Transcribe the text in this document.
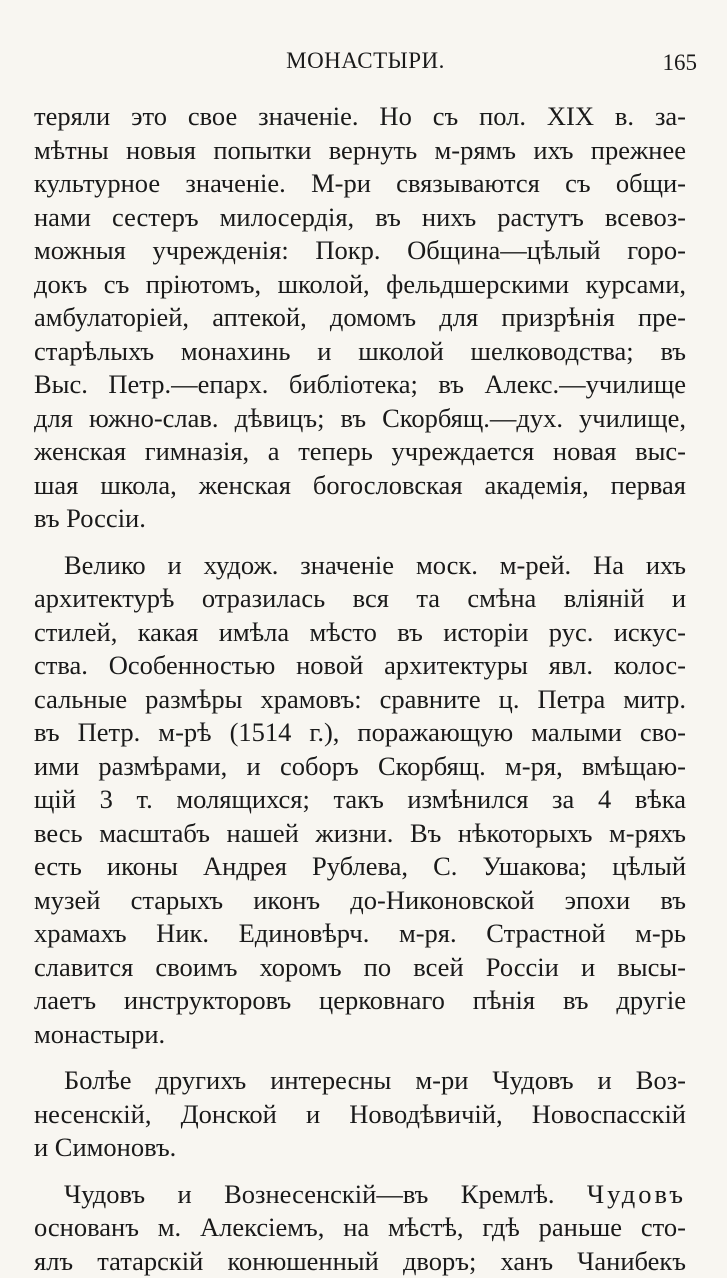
МОНАСТЫРИ.	165

теряли это свое значенiе. Но съ пол. XIX в. за-
мѣтны новыя попытки вернуть м-рямъ ихъ прежнее
культурное значенiе. М-ри связываются съ общи-
нами сестеръ милосердiя, въ нихъ растутъ всевоз-
можныя учрежденiя: Покр. Община—цѣлый горо-
докъ съ прiютомъ, школой, фельдшерскими курсами,
амбулаторiей, аптекой, домомъ для призрѣнiя пре-
старѣлыхъ монахинь и школой шелководства; въ
Выс. Петр.—епарх. библiотека; въ Алекс.—училище
для южно-слав. дѣвицъ; въ Скорбящ.—дух. училище,
женская гимназiя, а теперь учреждается новая выс-
шая школа, женская богословская академiя, первая
въ Россiи.

Велико и худож. значенiе моск. м-рей. На ихъ
архитектурѣ отразилась вся та смѣна влiянiй и
стилей, какая имѣла мѣсто въ исторiи рус. искус-
ства. Особенностью новой архитектуры явл. колос-
сальные размѣры храмовъ: сравните ц. Петра митр.
въ Петр. м-рѣ (1514 г.), поражающую малыми сво-
ими размѣрами, и соборъ Скорбящ. м-ря, вмѣщаю-
щiй 3 т. молящихся; такъ измѣнился за 4 вѣка
весь масштабъ нашей жизни. Въ нѣкоторыхъ м-ряхъ
есть иконы Андрея Рублева, С. Ушакова; цѣлый
музей старыхъ иконъ до-Никоновской эпохи въ
храмахъ Ник. Единовѣрч. м-ря. Страстной м-рь
славится своимъ хоромъ по всей Россiи и высы-
лаетъ инструкторовъ церковнаго пѣнiя въ другiе
монастыри.

Болѣе другихъ интересны м-ри Чудовъ и Воз-
несенскiй, Донской и Новодѣвичiй, Новоспасскiй
и Симоновъ.

Чудовъ и Вознесенскiй—въ Кремлѣ. Чудовъ
основанъ м. Алексiемъ, на мѣстѣ, гдѣ раньше сто-
ялъ татарскiй конюшенный дворъ; ханъ Чанибекъ
